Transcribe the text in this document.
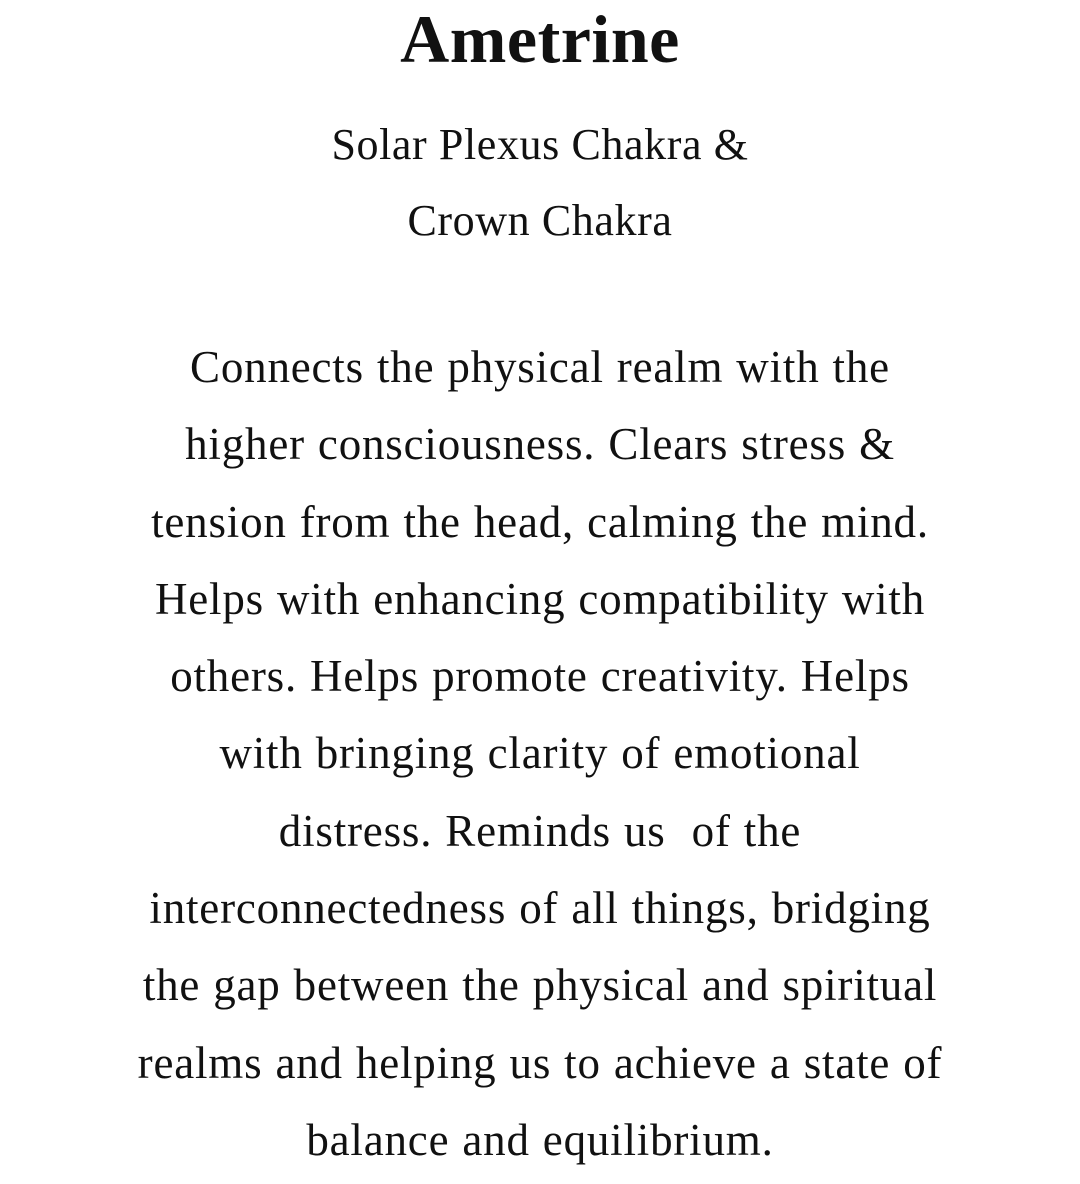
Ametrine
Solar Plexus Chakra &
Crown Chakra
Connects the physical realm with the
higher consciousness. Clears stress &
tension from the head, calming the mind.
Helps with enhancing compatibility with
others. Helps promote creativity. Helps
with bringing clarity of emotional
distress. Reminds us  of the
interconnectedness of all things, bridging
the gap between the physical and spiritual
realms and helping us to achieve a state of
balance and equilibrium.
